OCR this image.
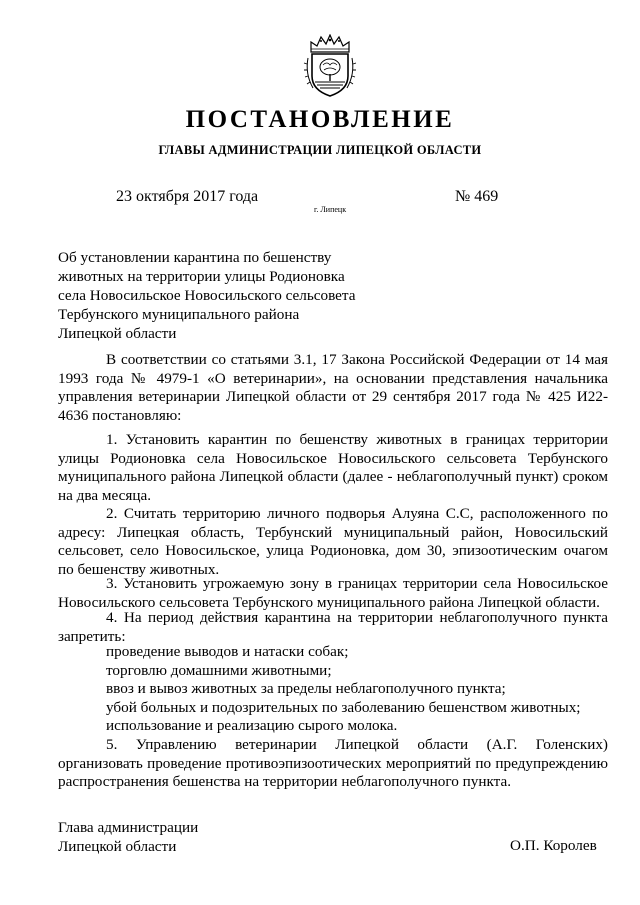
ПОСТАНОВЛЕНИЕ
ГЛАВЫ АДМИНИСТРАЦИИ ЛИПЕЦКОЙ ОБЛАСТИ
23 октября 2017 года
г. Липецк
№ 469
Об установлении карантина по бешенству
животных на территории улицы Родионовка
села Новосильское Новосильского сельсовета
Тербунского муниципального района
Липецкой области
В соответствии со статьями 3.1, 17 Закона Российской Федерации от 14 мая
1993 года № 4979-1 «О ветеринарии», на основании представления начальника
управления ветеринарии Липецкой области от 29 сентября 2017 года № 425 И22-
4636 постановляю:
1. Установить карантин по бешенству животных в границах территории
улицы Родионовка села Новосильское Новосильского сельсовета Тербунского
муниципального района Липецкой области (далее - неблагополучный пункт) сроком
на два месяца.
2. Считать территорию личного подворья Алуяна С.С, расположенного по
адресу: Липецкая область, Тербунский муниципальный район, Новосильский
сельсовет, село Новосильское, улица Родионовка, дом 30, эпизоотическим очагом
по бешенству животных.
3. Установить угрожаемую зону в границах территории села Новосильское
Новосильского сельсовета Тербунского муниципального района Липецкой области.
4. На период действия карантина на территории неблагополучного пункта
запретить:
проведение выводов и натаски собак;
торговлю домашними животными;
ввоз и вывоз животных за пределы неблагополучного пункта;
убой больных и подозрительных по заболеванию бешенством животных;
использование и реализацию сырого молока.
5. Управлению ветеринарии Липецкой области (А.Г. Голенских)
организовать проведение противоэпизоотических мероприятий по предупреждению
распространения бешенства на территории неблагополучного пункта.
Глава администрации
Липецкой области	О.П. Королев
